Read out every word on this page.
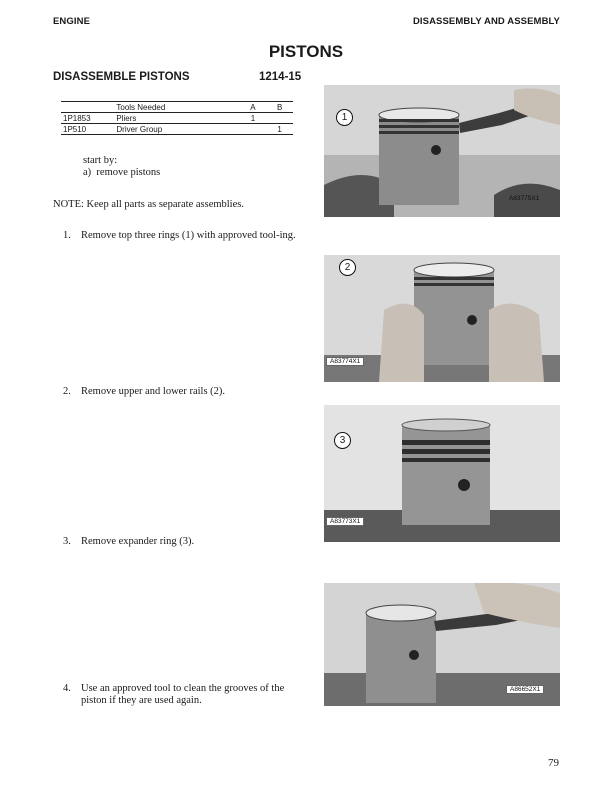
ENGINE	DISASSEMBLY AND ASSEMBLY
PISTONS
DISASSEMBLE PISTONS	1214-15
	Tools Needed	A	B
1P1853	Pliers	1	
1P510	Driver Group		1
start by:
a)  remove pistons
NOTE: Keep all parts as separate assemblies.
1. Remove top three rings (1) with approved tool-ing.
2. Remove upper and lower rails (2).
3. Remove expander ring (3).
4. Use an approved tool to clean the grooves of the piston if they are used again.
1
A83775X1
2
A83774X1
3
A83773X1
A86652X1
79
